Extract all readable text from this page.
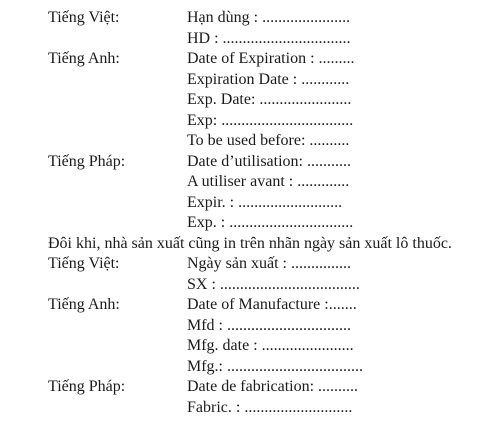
Tiếng Việt:	Hạn dùng : ......................
HD : ................................
Tiếng Anh:	Date of Expiration : .........
Expiration Date : ............
Exp. Date: .......................
Exp: .................................
To be used before: ..........
Tiếng Pháp:	Date d’utilisation: ...........
A utiliser avant : .............
Expir. : ..........................
Exp. : ...............................
Đôi khi, nhà sản xuất cũng in trên nhãn ngày sản xuất lô thuốc.
Tiếng Việt:	Ngày sản xuất : ...............
SX : ...................................
Tiếng Anh:	Date of Manufacture :.......
Mfd : ...............................
Mfg. date : .......................
Mfg.: ..................................
Tiếng Pháp:	Date de fabrication: ..........
Fabric. : ...........................
